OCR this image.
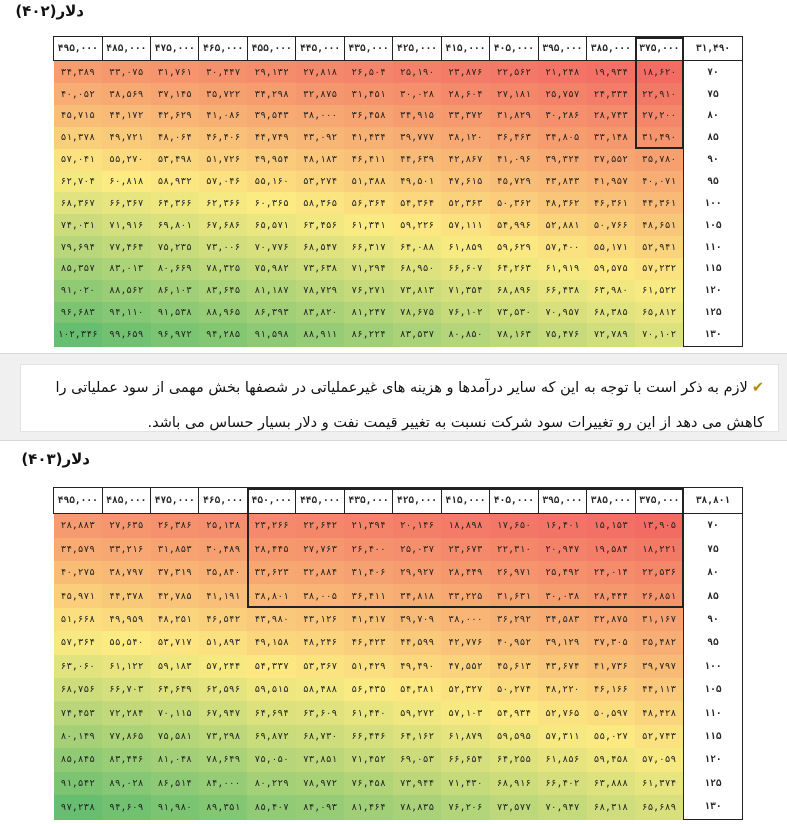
دلار(۴۰۲)
۳۱,۴۹۰	۳۷۵,۰۰۰	۳۸۵,۰۰۰	۳۹۵,۰۰۰	۴۰۵,۰۰۰	۴۱۵,۰۰۰	۴۲۵,۰۰۰	۴۳۵,۰۰۰	۴۴۵,۰۰۰	۴۵۵,۰۰۰	۴۶۵,۰۰۰	۴۷۵,۰۰۰	۴۸۵,۰۰۰	۴۹۵,۰۰۰
۷۰	۱۸,۶۲۰	۱۹,۹۳۴	۲۱,۲۴۸	۲۲,۵۶۲	۲۳,۸۷۶	۲۵,۱۹۰	۲۶,۵۰۴	۲۷,۸۱۸	۲۹,۱۳۲	۳۰,۴۴۷	۳۱,۷۶۱	۳۳,۰۷۵	۳۴,۳۸۹
۷۵	۲۲,۹۱۰	۲۴,۳۳۴	۲۵,۷۵۷	۲۷,۱۸۱	۲۸,۶۰۴	۳۰,۰۲۸	۳۱,۴۵۱	۳۲,۸۷۵	۳۴,۲۹۸	۳۵,۷۲۲	۳۷,۱۴۵	۳۸,۵۶۹	۴۰,۰۵۲
۸۰	۲۷,۲۰۰	۲۸,۷۴۳	۳۰,۲۸۶	۳۱,۸۲۹	۳۳,۳۷۲	۳۴,۹۱۵	۳۶,۴۵۸	۳۸,۰۰۰	۳۹,۵۴۳	۴۱,۰۸۶	۴۲,۶۲۹	۴۴,۱۷۲	۴۵,۷۱۵
۸۵	۳۱,۴۹۰	۳۳,۱۴۸	۳۴,۸۰۵	۳۶,۴۶۳	۳۸,۱۲۰	۳۹,۷۷۷	۴۱,۴۳۴	۴۳,۰۹۲	۴۴,۷۴۹	۴۶,۴۰۶	۴۸,۰۶۴	۴۹,۷۲۱	۵۱,۳۷۸
۹۰	۳۵,۷۸۰	۳۷,۵۵۲	۳۹,۳۲۴	۴۱,۰۹۶	۴۲,۸۶۷	۴۴,۶۳۹	۴۶,۴۱۱	۴۸,۱۸۳	۴۹,۹۵۴	۵۱,۷۲۶	۵۳,۴۹۸	۵۵,۲۷۰	۵۷,۰۴۱
۹۵	۴۰,۰۷۱	۴۱,۹۵۷	۴۳,۸۴۳	۴۵,۷۲۹	۴۷,۶۱۵	۴۹,۵۰۱	۵۱,۳۸۸	۵۳,۲۷۴	۵۵,۱۶۰	۵۷,۰۴۶	۵۸,۹۳۲	۶۰,۸۱۸	۶۲,۷۰۴
۱۰۰	۴۴,۳۶۱	۴۶,۳۶۱	۴۸,۳۶۲	۵۰,۳۶۲	۵۲,۳۶۳	۵۴,۳۶۴	۵۶,۳۶۴	۵۸,۳۶۵	۶۰,۳۶۵	۶۲,۳۶۶	۶۴,۳۶۶	۶۶,۳۶۷	۶۸,۳۶۷
۱۰۵	۴۸,۶۵۱	۵۰,۷۶۶	۵۲,۸۸۱	۵۴,۹۹۶	۵۷,۱۱۱	۵۹,۲۲۶	۶۱,۳۴۱	۶۳,۴۵۶	۶۵,۵۷۱	۶۷,۶۸۶	۶۹,۸۰۱	۷۱,۹۱۶	۷۴,۰۳۱
۱۱۰	۵۲,۹۴۱	۵۵,۱۷۱	۵۷,۴۰۰	۵۹,۶۲۹	۶۱,۸۵۹	۶۴,۰۸۸	۶۶,۳۱۷	۶۸,۵۴۷	۷۰,۷۷۶	۷۳,۰۰۶	۷۵,۲۳۵	۷۷,۴۶۴	۷۹,۶۹۴
۱۱۵	۵۷,۲۳۲	۵۹,۵۷۵	۶۱,۹۱۹	۶۴,۲۶۳	۶۶,۶۰۷	۶۸,۹۵۰	۷۱,۲۹۴	۷۳,۶۳۸	۷۵,۹۸۲	۷۸,۳۲۵	۸۰,۶۶۹	۸۳,۰۱۳	۸۵,۳۵۷
۱۲۰	۶۱,۵۲۲	۶۳,۹۸۰	۶۶,۴۳۸	۶۸,۸۹۶	۷۱,۳۵۴	۷۳,۸۱۳	۷۶,۲۷۱	۷۸,۷۲۹	۸۱,۱۸۷	۸۳,۶۴۵	۸۶,۱۰۳	۸۸,۵۶۲	۹۱,۰۲۰
۱۲۵	۶۵,۸۱۲	۶۸,۳۸۵	۷۰,۹۵۷	۷۳,۵۳۰	۷۶,۱۰۲	۷۸,۶۷۵	۸۱,۲۴۷	۸۳,۸۲۰	۸۶,۳۹۳	۸۸,۹۶۵	۹۱,۵۳۸	۹۴,۱۱۰	۹۶,۶۸۳
۱۳۰	۷۰,۱۰۲	۷۲,۷۸۹	۷۵,۴۷۶	۷۸,۱۶۳	۸۰,۸۵۰	۸۳,۵۳۷	۸۶,۲۲۴	۸۸,۹۱۱	۹۱,۵۹۸	۹۴,۲۸۵	۹۶,۹۷۲	۹۹,۶۵۹	۱۰۲,۳۴۶
✔لازم به ذکر است با توجه به این که سایر درآمدها و هزینه های غیرعملیاتی در شصفها بخش مهمی از سود عملیاتی را کاهش می دهد از این رو تغییرات سود شرکت نسبت به تغییر قیمت نفت و دلار بسیار حساس می باشد.
دلار(۴۰۳)
۳۸,۸۰۱	۳۷۵,۰۰۰	۳۸۵,۰۰۰	۳۹۵,۰۰۰	۴۰۵,۰۰۰	۴۱۵,۰۰۰	۴۲۵,۰۰۰	۴۳۵,۰۰۰	۴۴۵,۰۰۰	۴۵۰,۰۰۰	۴۶۵,۰۰۰	۴۷۵,۰۰۰	۴۸۵,۰۰۰	۴۹۵,۰۰۰
۷۰	۱۳,۹۰۵	۱۵,۱۵۳	۱۶,۴۰۱	۱۷,۶۵۰	۱۸,۸۹۸	۲۰,۱۴۶	۲۱,۳۹۴	۲۲,۶۴۲	۲۳,۲۶۶	۲۵,۱۳۸	۲۶,۳۸۶	۲۷,۶۳۵	۲۸,۸۸۳
۷۵	۱۸,۲۲۱	۱۹,۵۸۴	۲۰,۹۴۷	۲۲,۳۱۰	۲۳,۶۷۳	۲۵,۰۳۷	۲۶,۴۰۰	۲۷,۷۶۳	۲۸,۴۴۵	۳۰,۴۸۹	۳۱,۸۵۳	۳۳,۲۱۶	۳۴,۵۷۹
۸۰	۲۲,۵۳۶	۲۴,۰۱۴	۲۵,۴۹۲	۲۶,۹۷۱	۲۸,۴۴۹	۲۹,۹۲۷	۳۱,۴۰۶	۳۲,۸۸۴	۳۳,۶۲۳	۳۵,۸۴۰	۳۷,۳۱۹	۳۸,۷۹۷	۴۰,۲۷۵
۸۵	۲۶,۸۵۱	۲۸,۴۴۴	۳۰,۰۳۸	۳۱,۶۳۱	۳۳,۲۲۵	۳۴,۸۱۸	۳۶,۴۱۱	۳۸,۰۰۵	۳۸,۸۰۱	۴۱,۱۹۱	۴۲,۷۸۵	۴۴,۳۷۸	۴۵,۹۷۱
۹۰	۳۱,۱۶۷	۳۲,۸۷۵	۳۴,۵۸۳	۳۶,۲۹۲	۳۸,۰۰۰	۳۹,۷۰۹	۴۱,۴۱۷	۴۳,۱۲۶	۴۳,۹۸۰	۴۶,۵۴۲	۴۸,۲۵۱	۴۹,۹۵۹	۵۱,۶۶۸
۹۵	۳۵,۴۸۲	۳۷,۳۰۵	۳۹,۱۲۹	۴۰,۹۵۲	۴۲,۷۷۶	۴۴,۵۹۹	۴۶,۴۲۳	۴۸,۲۴۶	۴۹,۱۵۸	۵۱,۸۹۳	۵۳,۷۱۷	۵۵,۵۴۰	۵۷,۳۶۴
۱۰۰	۳۹,۷۹۷	۴۱,۷۳۶	۴۳,۶۷۴	۴۵,۶۱۳	۴۷,۵۵۲	۴۹,۴۹۰	۵۱,۴۲۹	۵۳,۳۶۷	۵۴,۳۳۷	۵۷,۲۴۴	۵۹,۱۸۳	۶۱,۱۲۲	۶۳,۰۶۰
۱۰۵	۴۴,۱۱۳	۴۶,۱۶۶	۴۸,۲۲۰	۵۰,۲۷۴	۵۲,۳۲۷	۵۴,۳۸۱	۵۶,۴۳۵	۵۸,۴۸۸	۵۹,۵۱۵	۶۲,۵۹۶	۶۴,۶۴۹	۶۶,۷۰۳	۶۸,۷۵۶
۱۱۰	۴۸,۴۲۸	۵۰,۵۹۷	۵۲,۷۶۵	۵۴,۹۳۴	۵۷,۱۰۳	۵۹,۲۷۲	۶۱,۴۴۰	۶۳,۶۰۹	۶۴,۶۹۴	۶۷,۹۴۷	۷۰,۱۱۵	۷۲,۲۸۴	۷۴,۴۵۳
۱۱۵	۵۲,۷۴۳	۵۵,۰۲۷	۵۷,۳۱۱	۵۹,۵۹۵	۶۱,۸۷۹	۶۴,۱۶۲	۶۶,۴۴۶	۶۸,۷۳۰	۶۹,۸۷۲	۷۳,۲۹۸	۷۵,۵۸۱	۷۷,۸۶۵	۸۰,۱۴۹
۱۲۰	۵۷,۰۵۹	۵۹,۴۵۸	۶۱,۸۵۶	۶۴,۲۵۵	۶۶,۶۵۴	۶۹,۰۵۳	۷۱,۴۵۲	۷۳,۸۵۱	۷۵,۰۵۰	۷۸,۶۴۹	۸۱,۰۴۸	۸۳,۴۴۶	۸۵,۸۴۵
۱۲۵	۶۱,۳۷۴	۶۳,۸۸۸	۶۶,۴۰۲	۶۸,۹۱۶	۷۱,۴۳۰	۷۳,۹۴۴	۷۶,۴۵۸	۷۸,۹۷۲	۸۰,۲۲۹	۸۴,۰۰۰	۸۶,۵۱۴	۸۹,۰۲۸	۹۱,۵۴۲
۱۳۰	۶۵,۶۸۹	۶۸,۳۱۸	۷۰,۹۴۷	۷۳,۵۷۷	۷۶,۲۰۶	۷۸,۸۳۵	۸۱,۴۶۴	۸۴,۰۹۳	۸۵,۴۰۷	۸۹,۳۵۱	۹۱,۹۸۰	۹۴,۶۰۹	۹۷,۲۳۸
